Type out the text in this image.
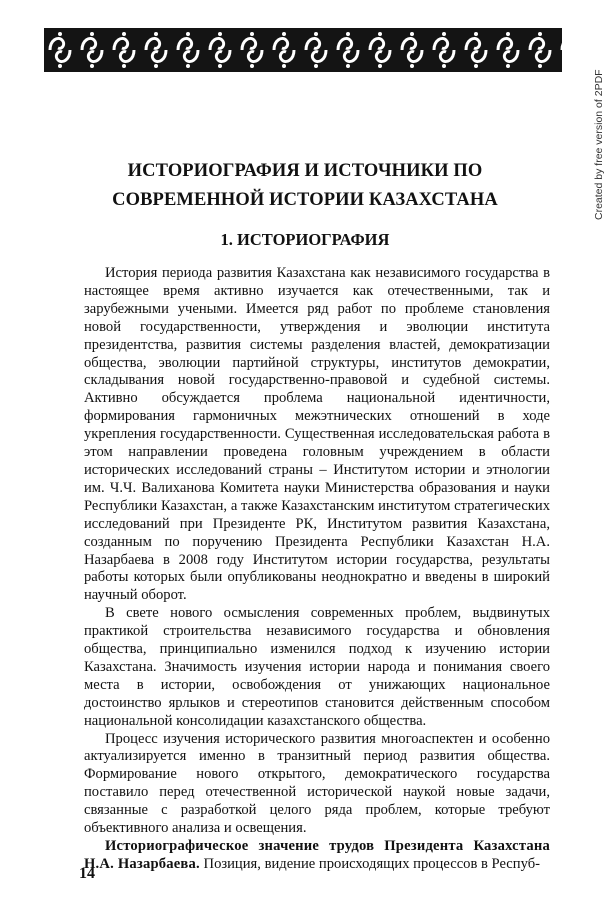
ИСТОРИОГРАФИЯ И ИСТОЧНИКИ ПО
СОВРЕМЕННОЙ ИСТОРИИ КАЗАХСТАНА
1. ИСТОРИОГРАФИЯ

История периода развития Казахстана как независимого государства в настоящее время активно изучается как отечественными, так и зарубежными учеными. Имеется ряд работ по проблеме становления новой государственности, утверждения и эволюции института президентства, развития системы разделения властей, демократизации общества, эволюции партийной структуры, институтов демократии, складывания новой государственно-правовой и судебной системы. Активно обсуждается проблема национальной идентичности, формирования гармоничных межэтнических отношений в ходе укрепления государственности. Существенная исследовательская работа в этом направлении проведена головным учреждением в области исторических исследований страны – Институтом истории и этнологии им. Ч.Ч. Валиханова Комитета науки Министерства образования и науки Республики Казахстан, а также Казахстанским институтом стратегических исследований при Президенте РК, Институтом развития Казахстана, созданным по поручению Президента Республики Казахстан Н.А. Назарбаева в 2008 году Институтом истории государства, результаты работы которых были опубликованы неоднократно и введены в широкий научный оборот.

В свете нового осмысления современных проблем, выдвинутых практикой строительства независимого государства и обновления общества, принципиально изменился подход к изучению истории Казахстана. Значимость изучения истории народа и понимания своего места в истории, освобождения от унижающих национальное достоинство ярлыков и стереотипов становится действенным способом национальной консолидации казахстанского общества.

Процесс изучения исторического развития многоаспектен и особенно актуализируется именно в транзитный период развития общества. Формирование нового открытого, демократического государства поставило перед отечественной исторической наукой новые задачи, связанные с разработкой целого ряда проблем, которые требуют объективного анализа и освещения.

Историографическое значение трудов Президента Казахстана Н.А. Назарбаева. Позиция, видение происходящих процессов в Респуб-

14
Created by free version of 2PDF
